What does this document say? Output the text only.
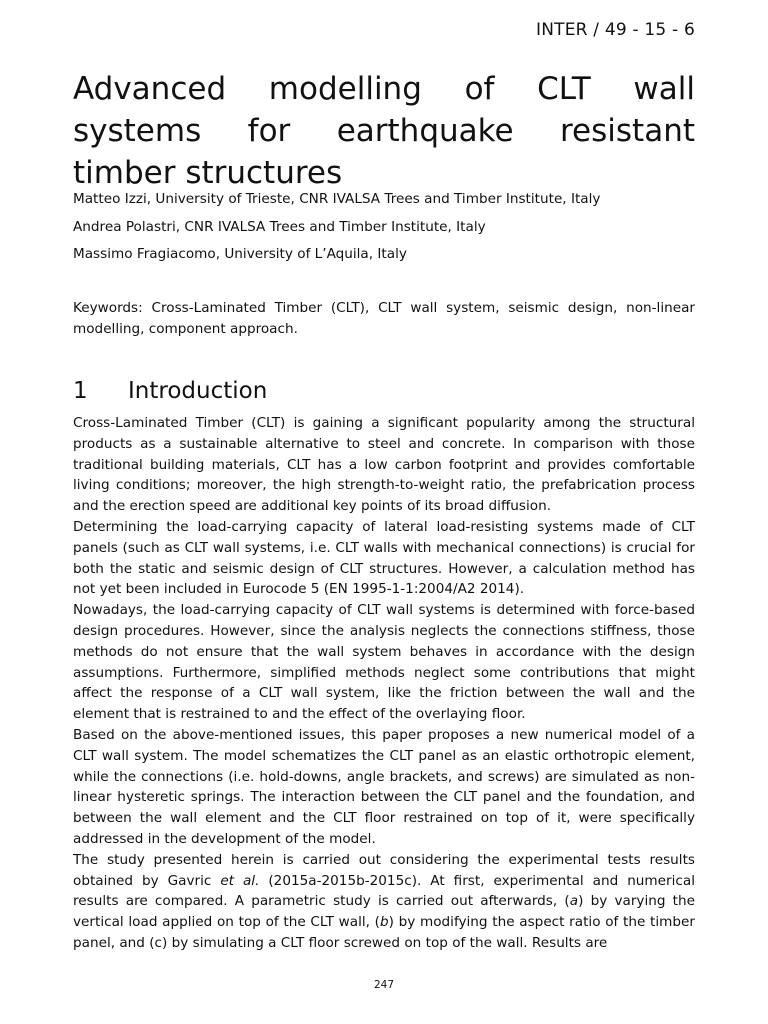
INTER / 49 - 15 - 6
Advanced modelling of CLT wall systems for earthquake resistant timber structures
Matteo Izzi, University of Trieste, CNR IVALSA Trees and Timber Institute, Italy
Andrea Polastri, CNR IVALSA Trees and Timber Institute, Italy
Massimo Fragiacomo, University of L’Aquila, Italy
Keywords: Cross-Laminated Timber (CLT), CLT wall system, seismic design, non-linear modelling, component approach.
1 Introduction

Cross-Laminated Timber (CLT) is gaining a significant popularity among the structural products as a sustainable alternative to steel and concrete. In comparison with those traditional building materials, CLT has a low carbon footprint and provides comfortable living conditions; moreover, the high strength-to-weight ratio, the prefabrication process and the erection speed are additional key points of its broad diffusion.

Determining the load-carrying capacity of lateral load-resisting systems made of CLT panels (such as CLT wall systems, i.e. CLT walls with mechanical connections) is crucial for both the static and seismic design of CLT structures. However, a calculation method has not yet been included in Eurocode 5 (EN 1995-1-1:2004/A2 2014).

Nowadays, the load-carrying capacity of CLT wall systems is determined with force-based design procedures. However, since the analysis neglects the connections stiffness, those methods do not ensure that the wall system behaves in accordance with the design assumptions. Furthermore, simplified methods neglect some contributions that might affect the response of a CLT wall system, like the friction between the wall and the element that is restrained to and the effect of the overlaying floor.

Based on the above-mentioned issues, this paper proposes a new numerical model of a CLT wall system. The model schematizes the CLT panel as an elastic orthotropic element, while the connections (i.e. hold-downs, angle brackets, and screws) are simulated as non-linear hysteretic springs. The interaction between the CLT panel and the foundation, and between the wall element and the CLT floor restrained on top of it, were specifically addressed in the development of the model.

The study presented herein is carried out considering the experimental tests results obtained by Gavric et al. (2015a-2015b-2015c). At first, experimental and numerical results are compared. A parametric study is carried out afterwards, (a) by varying the vertical load applied on top of the CLT wall, (b) by modifying the aspect ratio of the timber panel, and (c) by simulating a CLT floor screwed on top of the wall. Results are

247
